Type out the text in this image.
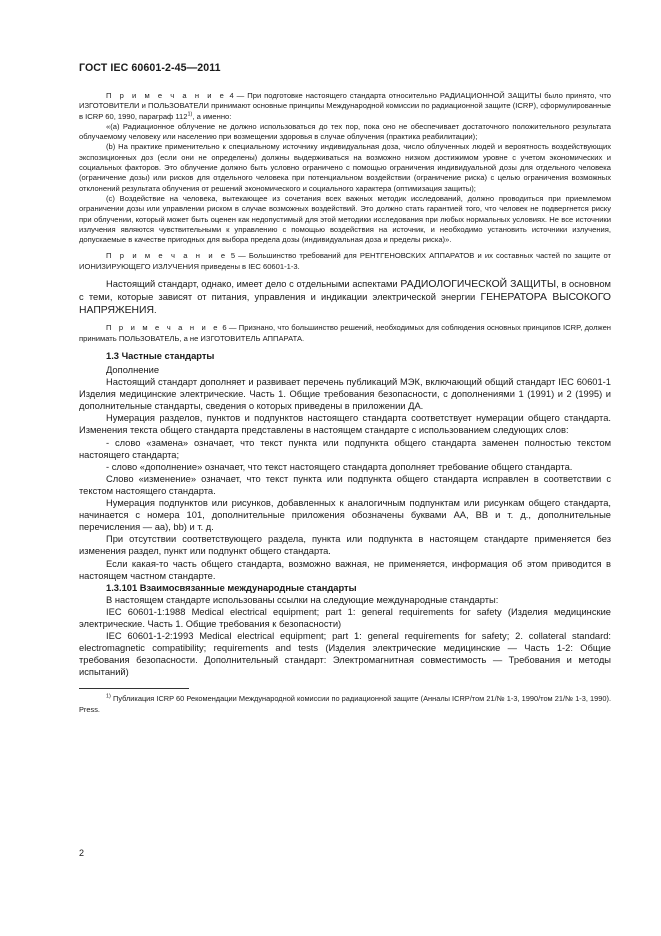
ГОСТ IEC 60601-2-45—2011

П р и м е ч а н и е 4 — При подготовке настоящего стандарта относительно РАДИАЦИОННОЙ ЗАЩИТЫ было принято, что ИЗГОТОВИТЕЛИ и ПОЛЬЗОВАТЕЛИ принимают основные принципы Международной комиссии по радиационной защите (ICRP), сформулированные в ICRP 60, 1990, параграф 112$^{1)}$, а именно:

«(a) Радиационное облучение не должно использоваться до тех пор, пока оно не обеспечивает достаточного положительного результата облучаемому человеку или населению при возмещении здоровья в случае облучения (практика реабилитации);

(b) На практике применительно к специальному источнику индивидуальная доза, число облученных людей и вероятность воздействующих экспозиционных доз (если они не определены) должны выдерживаться на возможно низком достижимом уровне с учетом экономических и социальных факторов. Это облучение должно быть условно ограничено с помощью ограничения индивидуальной дозы для отдельного человека (ограничение дозы) или рисков для отдельного человека при потенциальном воздействии (ограничение риска) с целью ограничения возможных отклонений результата облучения от решений экономического и социального характера (оптимизация защиты);

(c) Воздействие на человека, вытекающее из сочетания всех важных методик исследований, должно проводиться при приемлемом ограничении дозы или управлении риском в случае возможных воздействий. Это должно стать гарантией того, что человек не подвергнется риску при облучении, который может быть оценен как недопустимый для этой методики исследования при любых нормальных условиях. Не все источники излучения являются чувствительными к управлению с помощью воздействия на источник, и необходимо установить источники излучения, допускаемые в качестве пригодных для выбора предела дозы (индивидуальная доза и пределы риска)».

П р и м е ч а н и е 5 — Большинство требований для РЕНТГЕНОВСКИХ АППАРАТОВ и их составных частей по защите от ИОНИЗИРУЮЩЕГО ИЗЛУЧЕНИЯ приведены в IEC 60601-1-3.

Настоящий стандарт, однако, имеет дело с отдельными аспектами РАДИОЛОГИЧЕСКОЙ ЗАЩИТЫ, в основном с теми, которые зависят от питания, управления и индикации электрической энергии ГЕНЕРАТОРА ВЫСОКОГО НАПРЯЖЕНИЯ.

П р и м е ч а н и е 6 — Признано, что большинство решений, необходимых для соблюдения основных принципов ICRP, должен принимать ПОЛЬЗОВАТЕЛЬ, а не ИЗГОТОВИТЕЛЬ АППАРАТА.

1.3 Частные стандарты

Дополнение

Настоящий стандарт дополняет и развивает перечень публикаций МЭК, включающий общий стандарт IEC 60601-1 Изделия медицинские электрические. Часть 1. Общие требования безопасности, с дополнениями 1 (1991) и 2 (1995) и дополнительные стандарты, сведения о которых приведены в приложении ДА.

Нумерация разделов, пунктов и подпунктов настоящего стандарта соответствует нумерации общего стандарта. Изменения текста общего стандарта представлены в настоящем стандарте с использованием следующих слов:

- слово «замена» означает, что текст пункта или подпункта общего стандарта заменен полностью текстом настоящего стандарта;

- слово «дополнение» означает, что текст настоящего стандарта дополняет требование общего стандарта.

Слово «изменение» означает, что текст пункта или подпункта общего стандарта исправлен в соответствии с текстом настоящего стандарта.

Нумерация подпунктов или рисунков, добавленных к аналогичным подпунктам или рисункам общего стандарта, начинается с номера 101, дополнительные приложения обозначены буквами АА, ВВ и т. д., дополнительные перечисления — аа), bb) и т. д.

При отсутствии соответствующего раздела, пункта или подпункта в настоящем стандарте применяется без изменения раздел, пункт или подпункт общего стандарта.

Если какая-то часть общего стандарта, возможно важная, не применяется, информация об этом приводится в настоящем частном стандарте.

1.3.101 Взаимосвязанные международные стандарты

В настоящем стандарте использованы ссылки на следующие международные стандарты:

IEC 60601-1:1988 Medical electrical equipment; part 1: general requirements for safety (Изделия медицинские электрические. Часть 1. Общие требования к безопасности)

IEC 60601-1-2:1993 Medical electrical equipment; part 1: general requirements for safety; 2. collateral standard: electromagnetic compatibility; requirements and tests (Изделия электрические медицинские — Часть 1-2: Общие требования безопасности. Дополнительный стандарт: Электромагнитная совместимость — Требования и методы испытаний)

$^{1)}$ Публикация ICRP 60 Рекомендации Международной комиссии по радиационной защите (Анналы ICRP/том 21/№ 1-3, 1990/том 21/№ 1-3, 1990). Press.

2
